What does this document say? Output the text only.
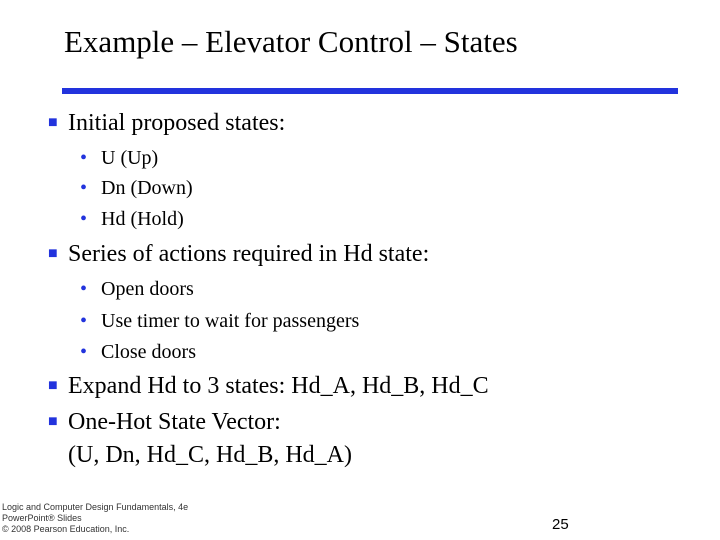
Example – Elevator Control – States
■ Initial proposed states:
• U (Up)
• Dn (Down)
• Hd (Hold)
■ Series of actions required in Hd state:
• Open doors
• Use timer to wait for passengers
• Close doors
■ Expand Hd to 3 states: Hd_A, Hd_B, Hd_C
■ One-Hot State Vector:
(U, Dn, Hd_C, Hd_B, Hd_A)
Logic and Computer Design Fundamentals, 4e
PowerPoint® Slides
© 2008 Pearson Education, Inc.	25
